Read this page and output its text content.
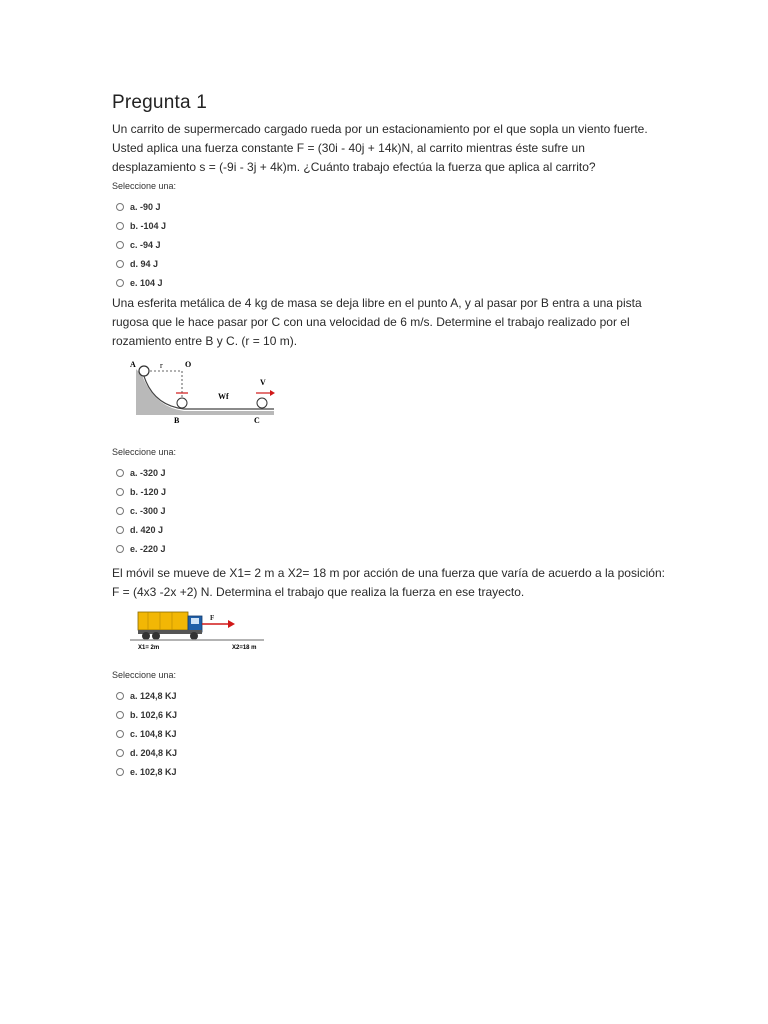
Pregunta 1

Un carrito de supermercado cargado rueda por un estacionamiento por el que sopla un viento fuerte. Usted aplica una fuerza constante F = (30i - 40j + 14k)N, al carrito mientras éste sufre un desplazamiento s = (-9i - 3j + 4k)m. ¿Cuánto trabajo efectúa la fuerza que aplica al carrito?

Seleccione una:
a. -90 J
b. -104 J
c. -94 J
d. 94 J
e. 104 J

Una esferita metálica de 4 kg de masa se deja libre en el punto A, y al pasar por B entra a una pista rugosa que le hace pasar por C con una velocidad de 6 m/s. Determine el trabajo realizado por el rozamiento entre B y C. (r = 10 m).

A	r	O
B
Wf
V
C
Seleccione una:
a. -320 J
b. -120 J
c. -300 J
d. 420 J
e. -220 J

El móvil se mueve de X1= 2 m a X2= 18 m por acción de una fuerza que varía de acuerdo a la posición: F = (4x3 -2x +2) N. Determina el trabajo que realiza la fuerza en ese trayecto.

F
X1= 2m	X2=18 m
Seleccione una:
a. 124,8 KJ
b. 102,6 KJ
c. 104,8 KJ
d. 204,8 KJ
e. 102,8 KJ
